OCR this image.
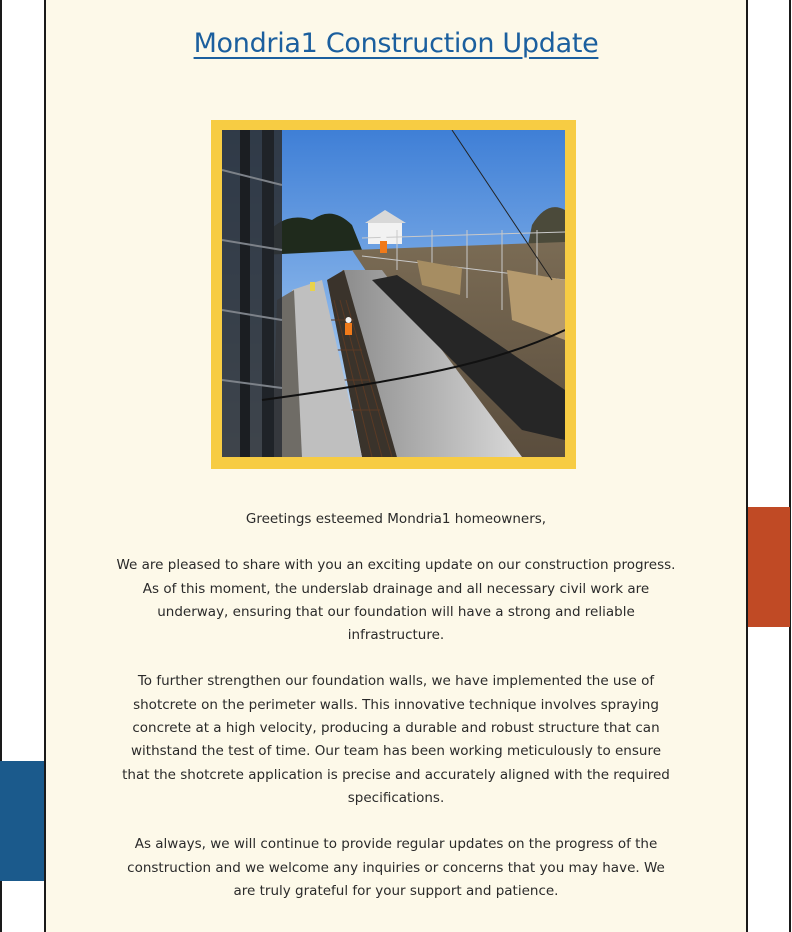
Mondria1 Construction Update

Greetings esteemed Mondria1 homeowners,

We are pleased to share with you an exciting update on our construction progress. As of this moment, the underslab drainage and all necessary civil work are underway, ensuring that our foundation will have a strong and reliable infrastructure.

To further strengthen our foundation walls, we have implemented the use of shotcrete on the perimeter walls. This innovative technique involves spraying concrete at a high velocity, producing a durable and robust structure that can withstand the test of time. Our team has been working meticulously to ensure that the shotcrete application is precise and accurately aligned with the required specifications.

As always, we will continue to provide regular updates on the progress of the construction and we welcome any inquiries or concerns that you may have. We are truly grateful for your support and patience.
